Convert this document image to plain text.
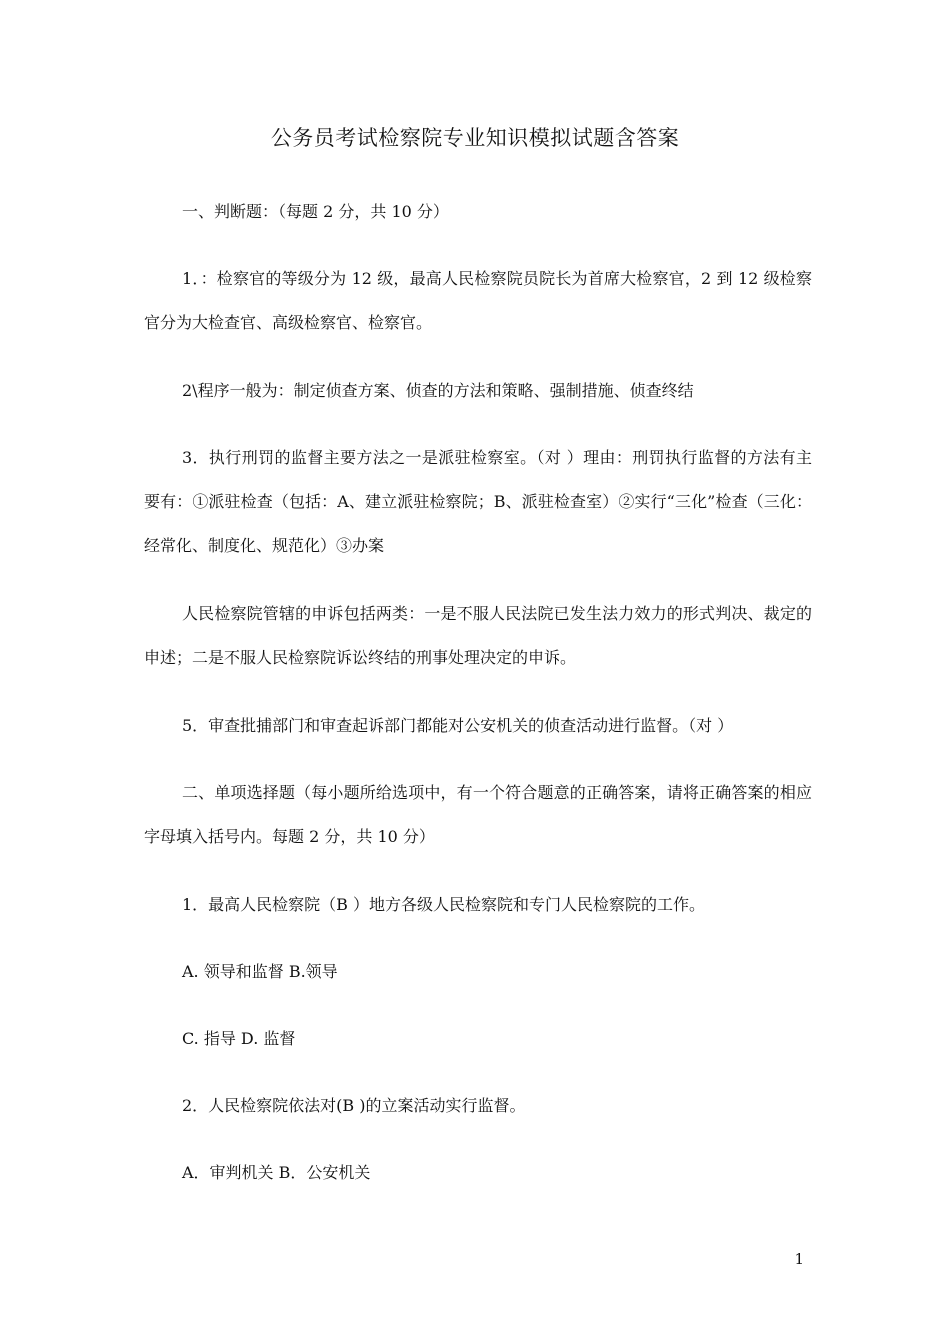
公务员考试检察院专业知识模拟试题含答案

一、判断题：（每题 2 分，共 10 分）

1．：检察官的等级分为 12 级，最高人民检察院员院长为首席大检察官，2 到 12 级检察官分为大检查官、高级检察官、检察官。

2\程序一般为：制定侦查方案、侦查的方法和策略、强制措施、侦查终结

3．执行刑罚的监督主要方法之一是派驻检察室。（对 ）理由：刑罚执行监督的方法有主要有：①派驻检查（包括：A、建立派驻检察院；B、派驻检查室）②实行“三化”检查（三化：经常化、制度化、规范化）③办案

人民检察院管辖的申诉包括两类：一是不服人民法院已发生法力效力的形式判决、裁定的申述；二是不服人民检察院诉讼终结的刑事处理决定的申诉。

5．审查批捕部门和审查起诉部门都能对公安机关的侦查活动进行监督。（对 ）

二、单项选择题（每小题所给选项中，有一个符合题意的正确答案，请将正确答案的相应字母填入括号内。每题 2 分，共 10 分）

1．最高人民检察院（B ）地方各级人民检察院和专门人民检察院的工作。

A. 领导和监督 B.领导

C. 指导 D. 监督

2．人民检察院依法对(B )的立案活动实行监督。

A．审判机关 B．公安机关

1
